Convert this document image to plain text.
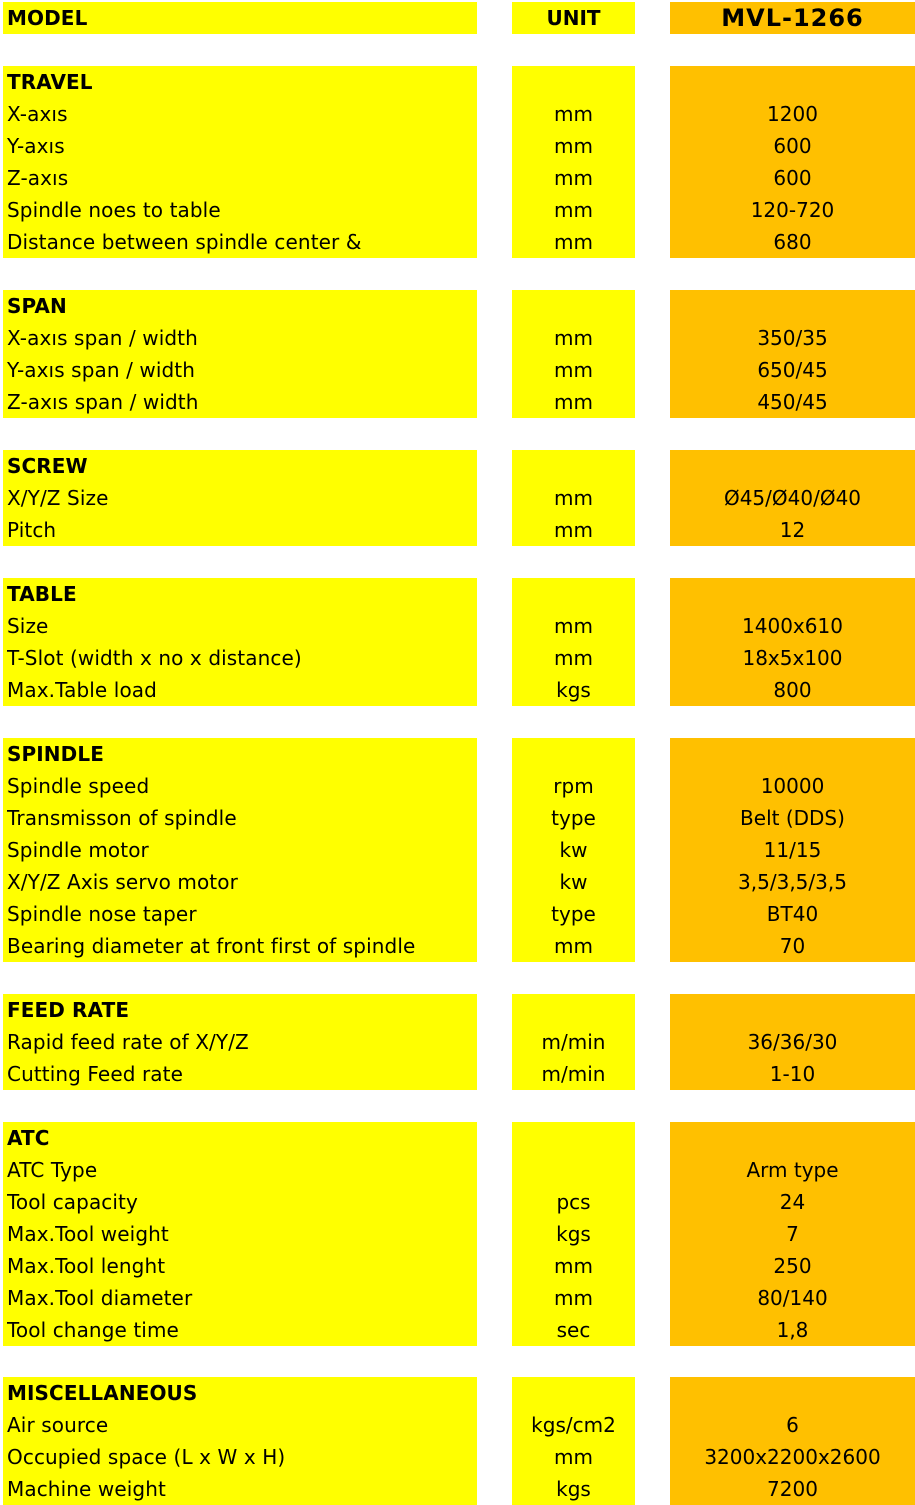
MODEL	UNIT	MVL-1266
TRAVEL
X-axıs
Y-axıs
Z-axıs
Spindle noes to table
Distance between spindle center &
mm
mm
mm
mm
mm
1200
600
600
120-720
680
SPAN
X-axıs span / width
Y-axıs span / width
Z-axıs span / width
mm
mm
mm
350/35
650/45
450/45
SCREW
X/Y/Z Size
Pitch
mm
mm
Ø45/Ø40/Ø40
12
TABLE
Size
T-Slot (width x no x distance)
Max.Table load
mm
mm
kgs
1400x610
18x5x100
800
SPINDLE
Spindle speed
Transmisson of spindle
Spindle motor
X/Y/Z Axis servo motor
Spindle nose taper
Bearing diameter at front first of spindle
rpm
type
kw
kw
type
mm
10000
Belt (DDS)
11/15
3,5/3,5/3,5
BT40
70
FEED RATE
Rapid feed rate of X/Y/Z
Cutting Feed rate
m/min
m/min
36/36/30
1-10
ATC
ATC Type
Tool capacity
Max.Tool weight
Max.Tool lenght
Max.Tool diameter
Tool change time
pcs
kgs
mm
mm
sec
Arm type
24
7
250
80/140
1,8
MISCELLANEOUS
Air source
Occupied space (L x W x H)
Machine weight
kgs/cm2
mm
kgs
6
3200x2200x2600
7200
